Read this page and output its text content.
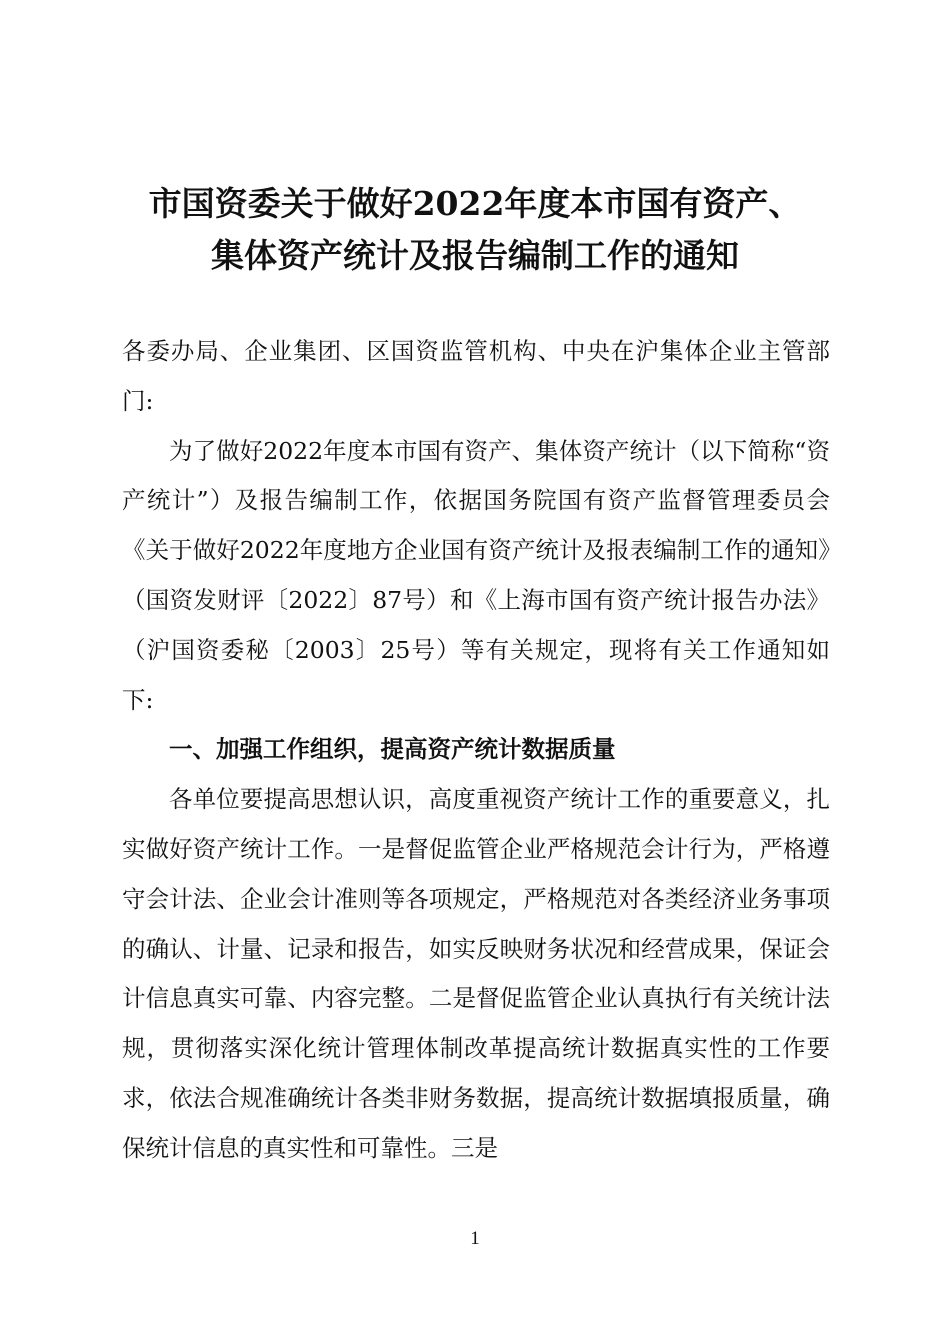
市国资委关于做好2022年度本市国有资产、
集体资产统计及报告编制工作的通知

各委办局、企业集团、区国资监管机构、中央在沪集体企业主管部门:

为了做好2022年度本市国有资产、集体资产统计（以下简称“资产统计”）及报告编制工作，依据国务院国有资产监督管理委员会《关于做好2022年度地方企业国有资产统计及报表编制工作的通知》（国资发财评〔2022〕87号）和《上海市国有资产统计报告办法》（沪国资委秘〔2003〕25号）等有关规定，现将有关工作通知如下:

一、加强工作组织，提高资产统计数据质量

各单位要提高思想认识，高度重视资产统计工作的重要意义，扎实做好资产统计工作。一是督促监管企业严格规范会计行为，严格遵守会计法、企业会计准则等各项规定，严格规范对各类经济业务事项的确认、计量、记录和报告，如实反映财务状况和经营成果，保证会计信息真实可靠、内容完整。二是督促监管企业认真执行有关统计法规，贯彻落实深化统计管理体制改革提高统计数据真实性的工作要求，依法合规准确统计各类非财务数据，提高统计数据填报质量，确保统计信息的真实性和可靠性。三是

1
